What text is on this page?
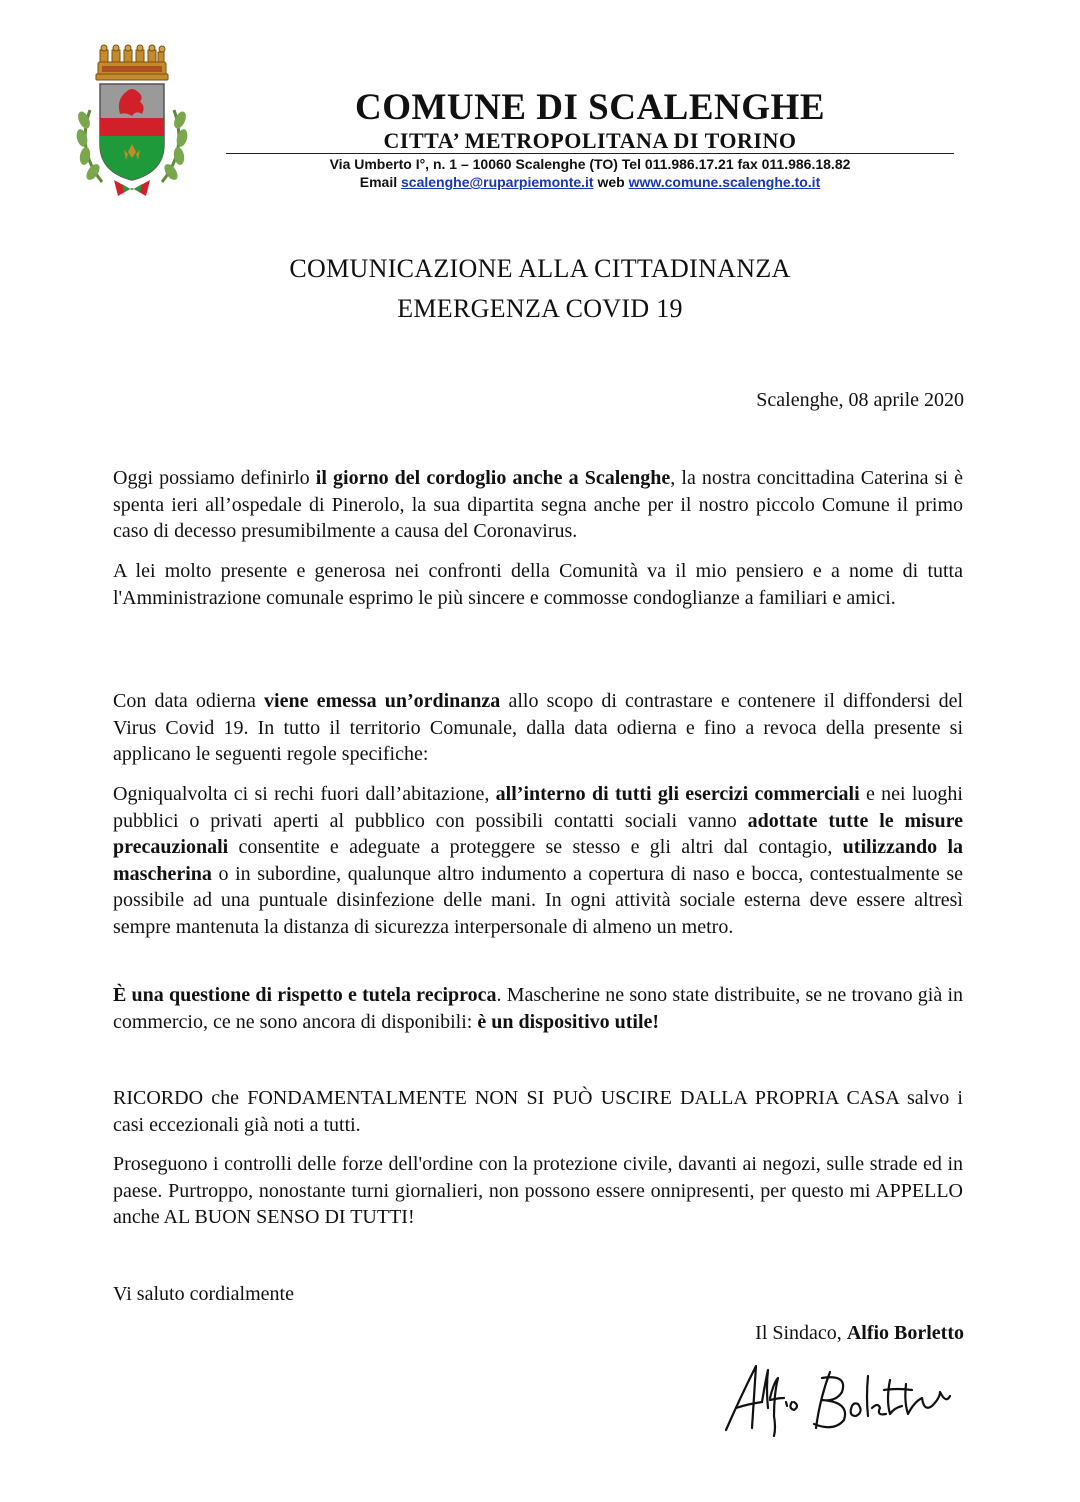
COMUNE DI SCALENGHE
CITTA’ METROPOLITANA DI TORINO
Via Umberto I°, n. 1 – 10060 Scalenghe (TO) Tel 011.986.17.21 fax 011.986.18.82
Email scalenghe@ruparpiemonte.it web www.comune.scalenghe.to.it
COMUNICAZIONE ALLA CITTADINANZA
EMERGENZA COVID 19
Scalenghe, 08 aprile 2020

Oggi possiamo definirlo il giorno del cordoglio anche a Scalenghe, la nostra concittadina Caterina si è spenta ieri all’ospedale di Pinerolo, la sua dipartita segna anche per il nostro piccolo Comune il primo caso di decesso presumibilmente a causa del Coronavirus.

A lei molto presente e generosa nei confronti della Comunità va il mio pensiero e a nome di tutta l'Amministrazione comunale esprimo le più sincere e commosse condoglianze a familiari e amici.

Con data odierna viene emessa un’ordinanza allo scopo di contrastare e contenere il diffondersi del Virus Covid 19. In tutto il territorio Comunale, dalla data odierna e fino a revoca della presente si applicano le seguenti regole specifiche:

Ogniqualvolta ci si rechi fuori dall’abitazione, all’interno di tutti gli esercizi commerciali e nei luoghi pubblici o privati aperti al pubblico con possibili contatti sociali vanno adottate tutte le misure precauzionali consentite e adeguate a proteggere se stesso e gli altri dal contagio, utilizzando la mascherina o in subordine, qualunque altro indumento a copertura di naso e bocca, contestualmente se possibile ad una puntuale disinfezione delle mani. In ogni attività sociale esterna deve essere altresì sempre mantenuta la distanza di sicurezza interpersonale di almeno un metro.

È una questione di rispetto e tutela reciproca. Mascherine ne sono state distribuite, se ne trovano già in commercio, ce ne sono ancora di disponibili: è un dispositivo utile!

RICORDO che FONDAMENTALMENTE NON SI PUÒ USCIRE DALLA PROPRIA CASA salvo i casi eccezionali già noti a tutti.

Proseguono i controlli delle forze dell'ordine con la protezione civile, davanti ai negozi, sulle strade ed in paese. Purtroppo, nonostante turni giornalieri, non possono essere onnipresenti, per questo mi APPELLO anche AL BUON SENSO DI TUTTI!

Vi saluto cordialmente
Il Sindaco, Alfio Borletto
